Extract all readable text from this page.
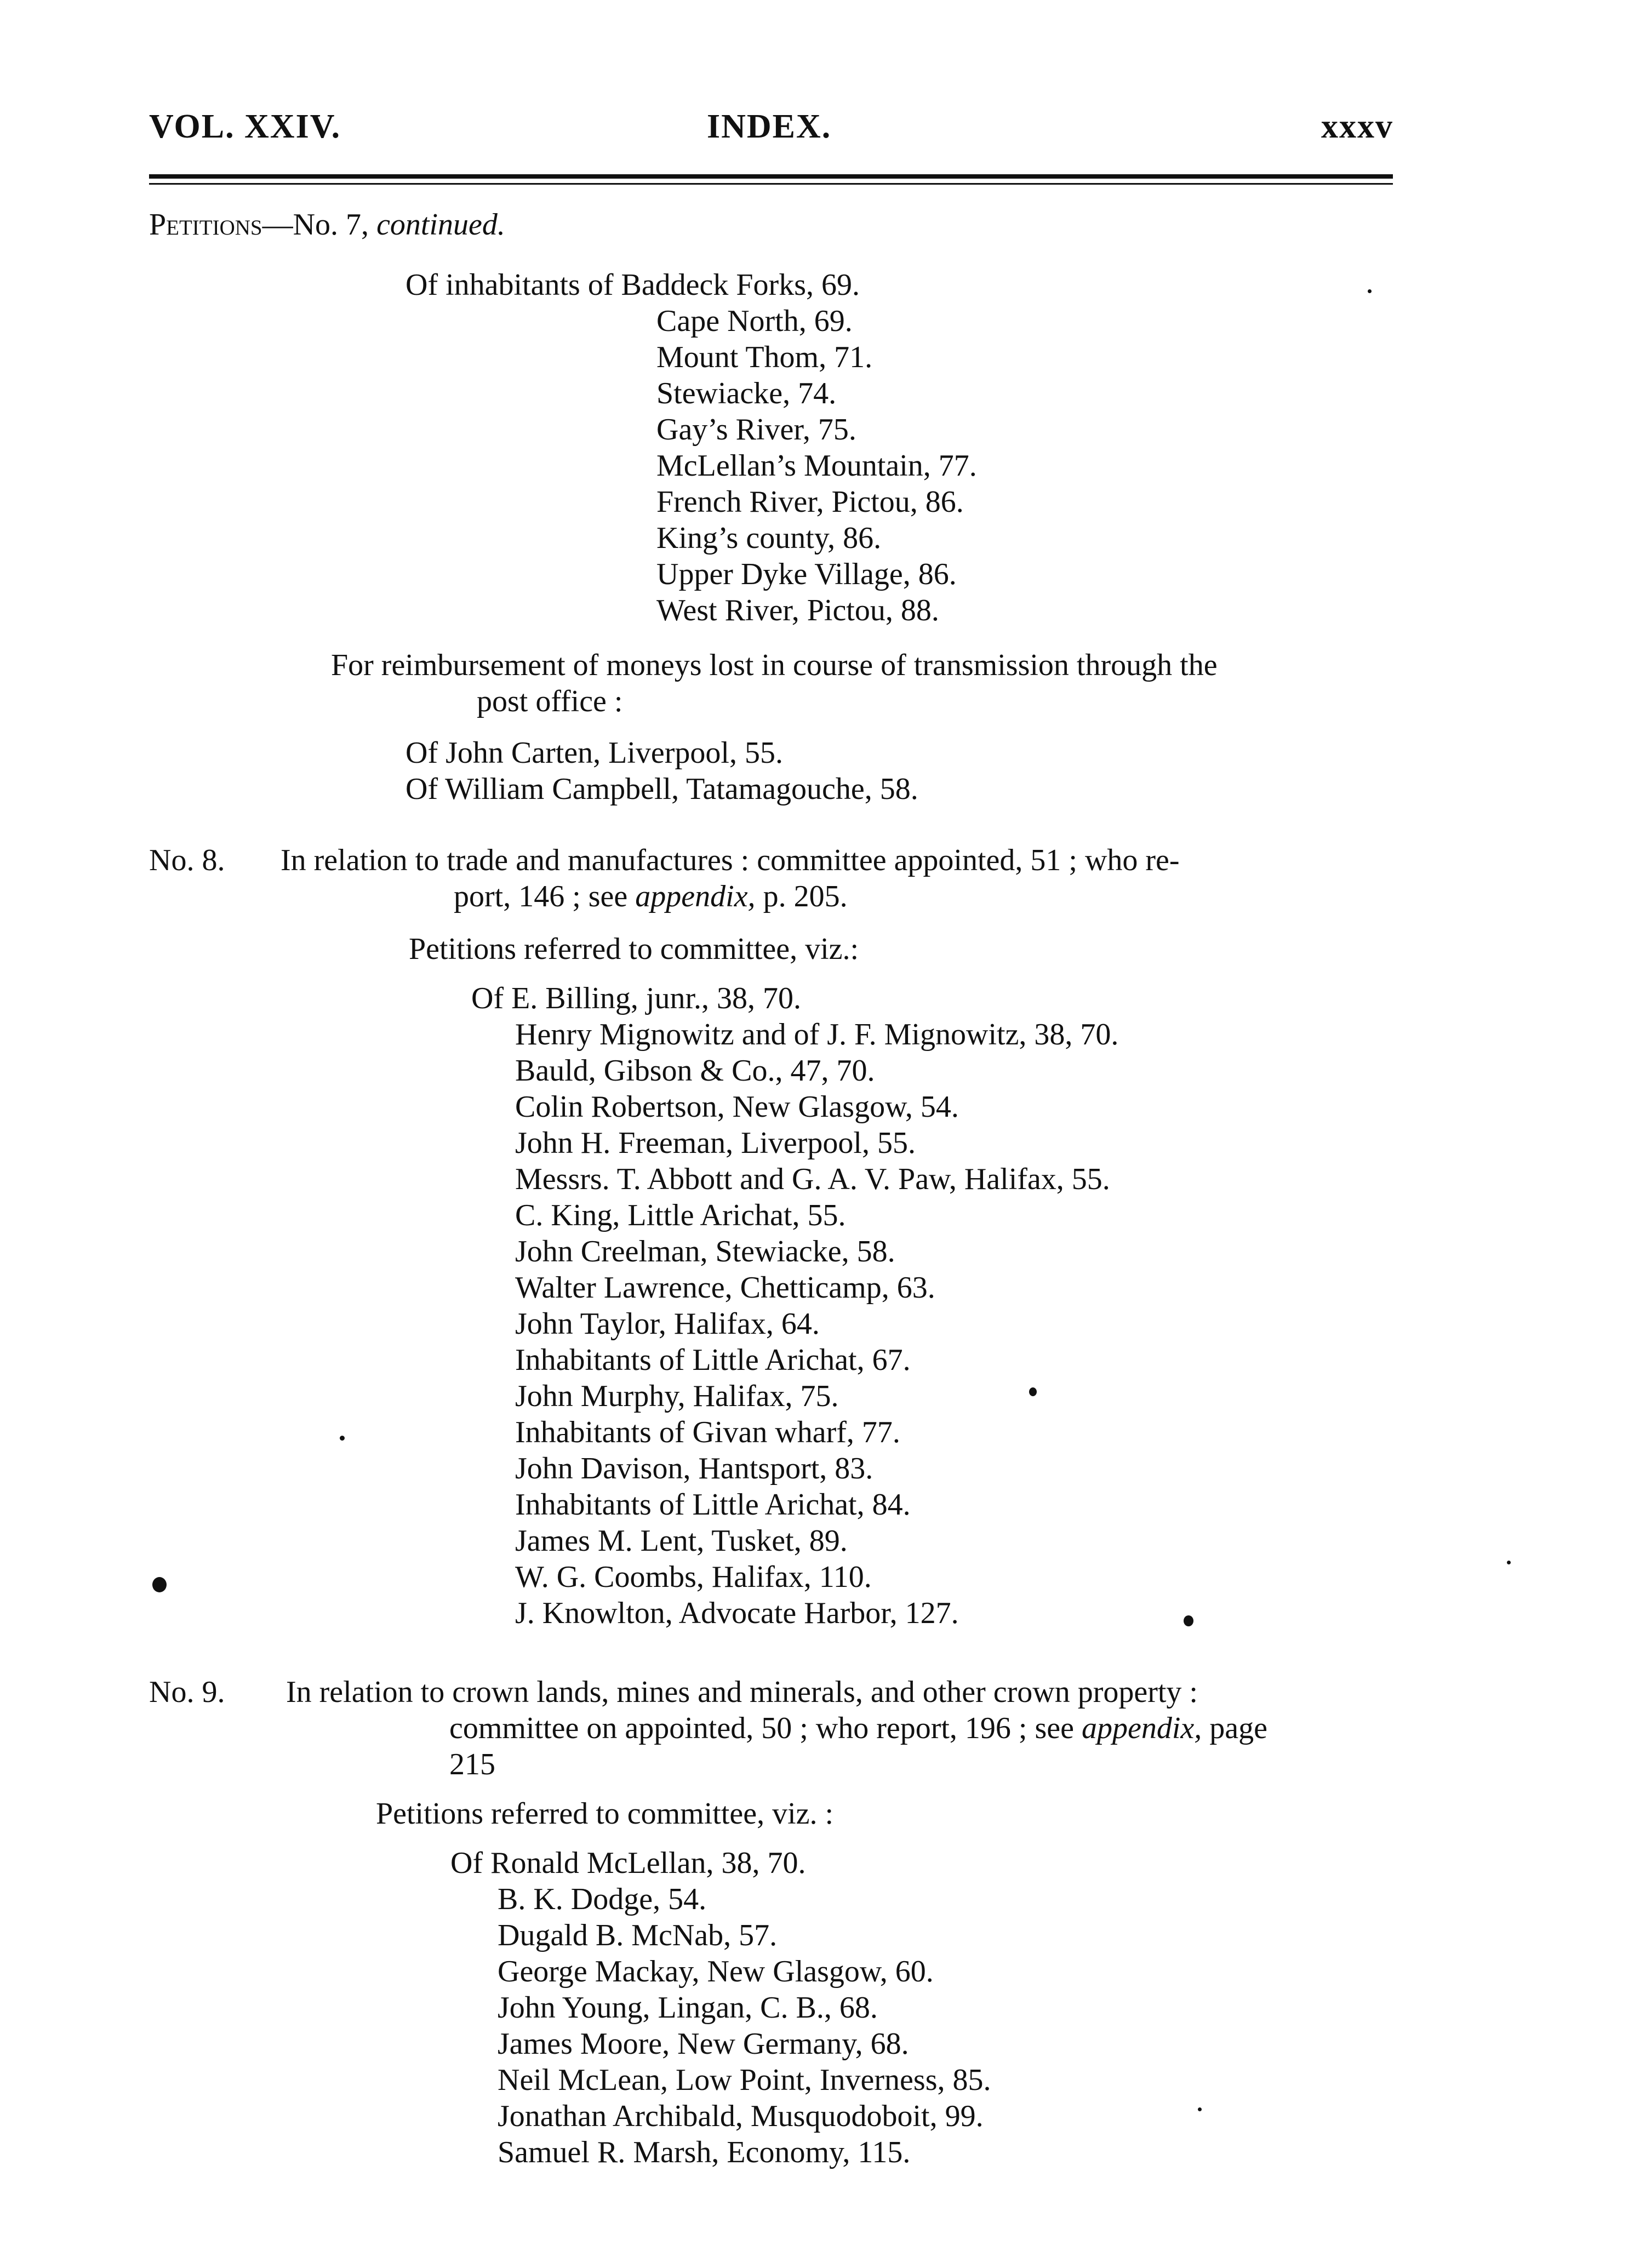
VOL. XXIV.	INDEX.	xxxv
Petitions—No. 7, continued.
Of inhabitants of Baddeck Forks, 69.
Cape North, 69.
Mount Thom, 71.
Stewiacke, 74.
Gay’s River, 75.
McLellan’s Mountain, 77.
French River, Pictou, 86.
King’s county, 86.
Upper Dyke Village, 86.
West River, Pictou, 88.
For reimbursement of moneys lost in course of transmission through the
post office :
Of John Carten, Liverpool, 55.
Of William Campbell, Tatamagouche, 58.
No. 8. In relation to trade and manufactures : committee appointed, 51 ; who re-
port, 146 ; see appendix, p. 205.
Petitions referred to committee, viz.:
Of E. Billing, junr., 38, 70.
Henry Mignowitz and of J. F. Mignowitz, 38, 70.
Bauld, Gibson & Co., 47, 70.
Colin Robertson, New Glasgow, 54.
John H. Freeman, Liverpool, 55.
Messrs. T. Abbott and G. A. V. Paw, Halifax, 55.
C. King, Little Arichat, 55.
John Creelman, Stewiacke, 58.
Walter Lawrence, Chetticamp, 63.
John Taylor, Halifax, 64.
Inhabitants of Little Arichat, 67.
John Murphy, Halifax, 75.
Inhabitants of Givan wharf, 77.
John Davison, Hantsport, 83.
Inhabitants of Little Arichat, 84.
James M. Lent, Tusket, 89.
W. G. Coombs, Halifax, 110.
J. Knowlton, Advocate Harbor, 127.
No. 9. In relation to crown lands, mines and minerals, and other crown property :
committee on appointed, 50 ; who report, 196 ; see appendix, page
215
Petitions referred to committee, viz. :
Of Ronald McLellan, 38, 70.
B. K. Dodge, 54.
Dugald B. McNab, 57.
George Mackay, New Glasgow, 60.
John Young, Lingan, C. B., 68.
James Moore, New Germany, 68.
Neil McLean, Low Point, Inverness, 85.
Jonathan Archibald, Musquodoboit, 99.
Samuel R. Marsh, Economy, 115.
